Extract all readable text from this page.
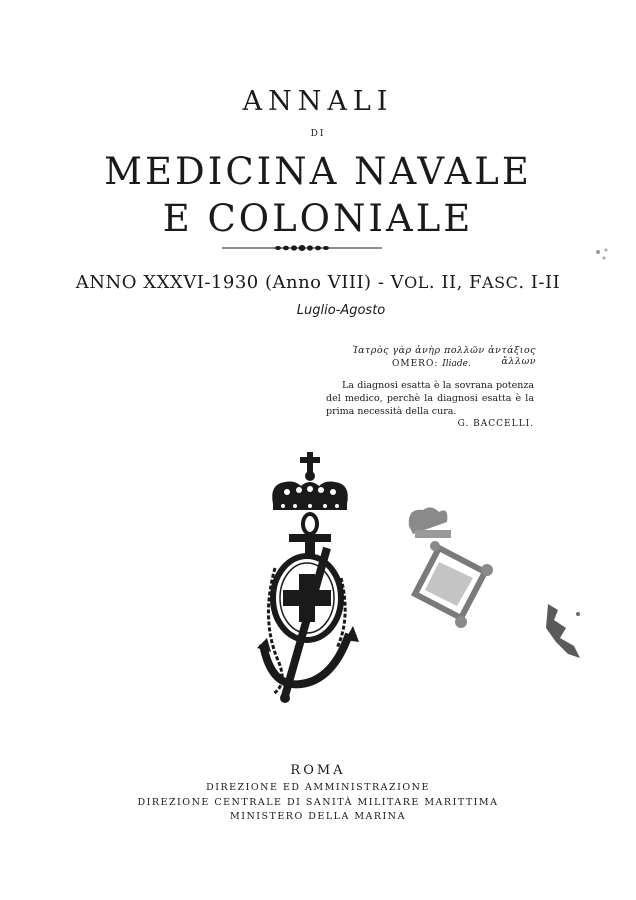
ANNALI
DI
MEDICINA NAVALE
E COLONIALE
ANNO XXXVI-1930 (Anno VIII) - VOL. II, FASC. I-II
Luglio-Agosto
Ἰατρὸς γὰρ ἀνὴρ πολλῶν ἀντάξιος ἄλλων
OMERO: Iliade.
La diagnosi esatta è la sovrana potenza del medico, perchè la diagnosi esatta è la prima necessità della cura.
G. BACCELLI.
ROMA
DIREZIONE ED AMMINISTRAZIONE
DIREZIONE CENTRALE DI SANITÀ MILITARE MARITTIMA
MINISTERO DELLA MARINA
